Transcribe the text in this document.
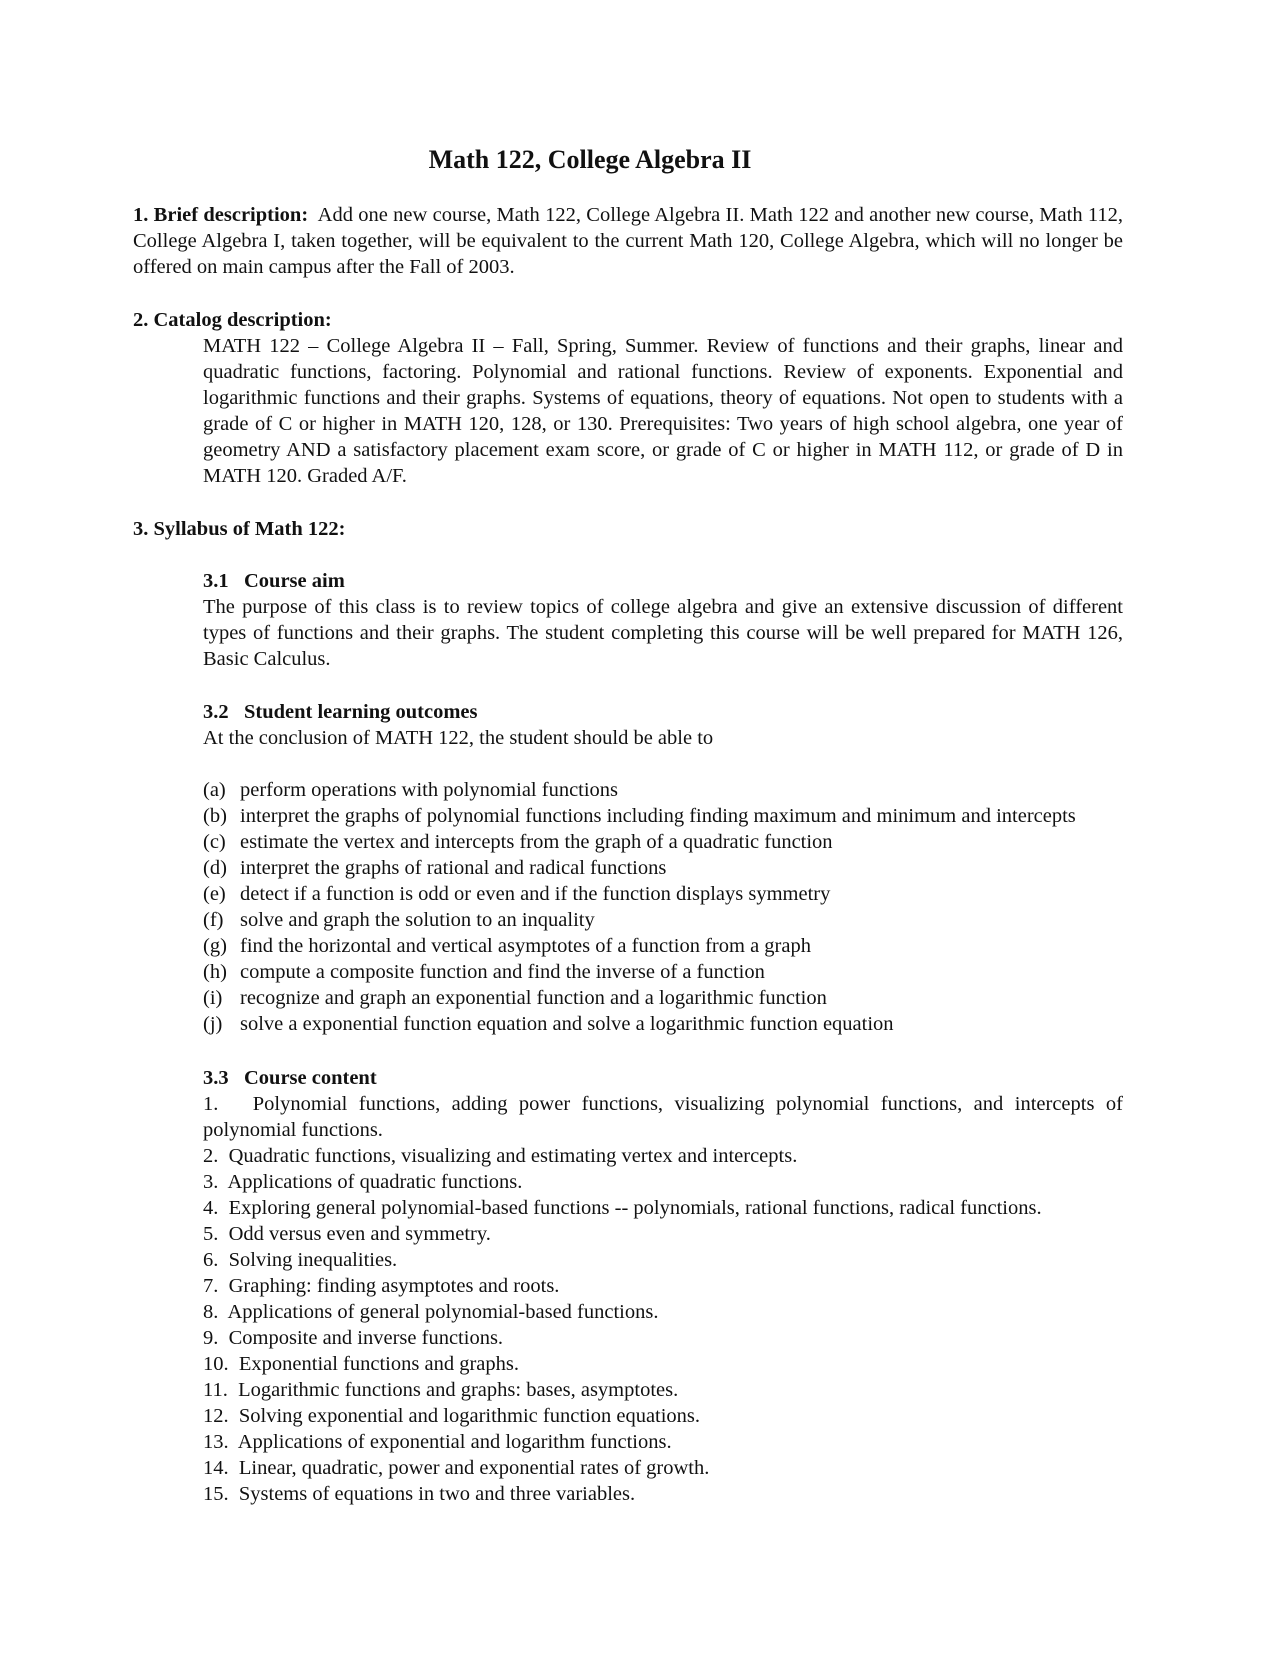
Math 122, College Algebra II
1. Brief description: Add one new course, Math 122, College Algebra II. Math 122 and another new course, Math 112, College Algebra I, taken together, will be equivalent to the current Math 120, College Algebra, which will no longer be offered on main campus after the Fall of 2003.
2. Catalog description:
MATH 122 – College Algebra II – Fall, Spring, Summer. Review of functions and their graphs, linear and quadratic functions, factoring. Polynomial and rational functions. Review of exponents. Exponential and logarithmic functions and their graphs. Systems of equations, theory of equations. Not open to students with a grade of C or higher in MATH 120, 128, or 130. Prerequisites: Two years of high school algebra, one year of geometry AND a satisfactory placement exam score, or grade of C or higher in MATH 112, or grade of D in MATH 120. Graded A/F.
3. Syllabus of Math 122:
3.1   Course aim
The purpose of this class is to review topics of college algebra and give an extensive discussion of different types of functions and their graphs. The student completing this course will be well prepared for MATH 126, Basic Calculus.
3.2   Student learning outcomes
At the conclusion of MATH 122, the student should be able to
(a) perform operations with polynomial functions
(b) interpret the graphs of polynomial functions including finding maximum and minimum and intercepts
(c) estimate the vertex and intercepts from the graph of a quadratic function
(d) interpret the graphs of rational and radical functions
(e) detect if a function is odd or even and if the function displays symmetry
(f) solve and graph the solution to an inquality
(g) find the horizontal and vertical asymptotes of a function from a graph
(h) compute a composite function and find the inverse of a function
(i) recognize and graph an exponential function and a logarithmic function
(j) solve a exponential function equation and solve a logarithmic function equation
3.3   Course content
1. Polynomial functions, adding power functions, visualizing polynomial functions, and intercepts of polynomial functions.
2. Quadratic functions, visualizing and estimating vertex and intercepts.
3. Applications of quadratic functions.
4. Exploring general polynomial-based functions -- polynomials, rational functions, radical functions.
5. Odd versus even and symmetry.
6. Solving inequalities.
7. Graphing: finding asymptotes and roots.
8. Applications of general polynomial-based functions.
9. Composite and inverse functions.
10. Exponential functions and graphs.
11. Logarithmic functions and graphs: bases, asymptotes.
12. Solving exponential and logarithmic function equations.
13. Applications of exponential and logarithm functions.
14. Linear, quadratic, power and exponential rates of growth.
15. Systems of equations in two and three variables.
